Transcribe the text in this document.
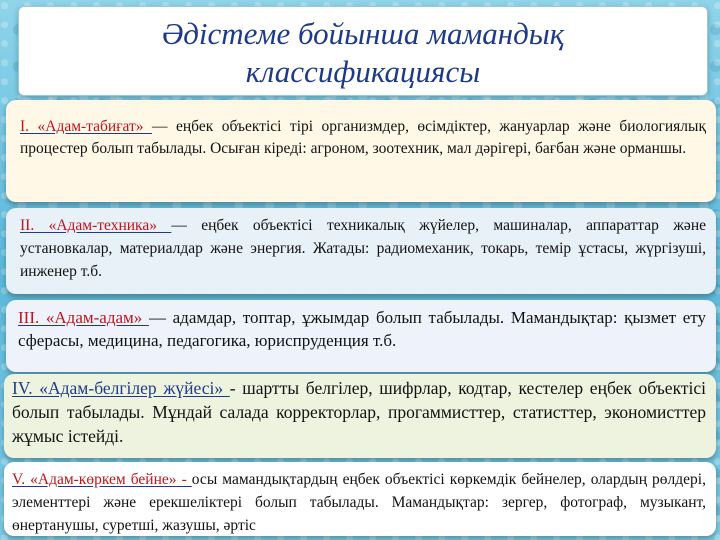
Әдістеме бойынша мамандық
классификациясы
I. «Адам-табиғат» — еңбек объектісі тірі организмдер, өсімдіктер, жануарлар және биологиялық процестер болып табылады. Осыған кіреді: агроном, зоотехник, мал дәрігері, бағбан және орманшы.
II. «Адам-техника» — еңбек объектісі техникалық жүйелер, машиналар, аппараттар және установкалар, материалдар және энергия. Жатады: радиомеханик, токарь, темір ұстасы, жүргізуші, инженер т.б.
III. «Адам-адам» — адамдар, топтар, ұжымдар болып табылады. Мамандықтар: қызмет ету сферасы, медицина, педагогика, юриспруденция т.б.
IV. «Адам-белгілер жүйесі» - шартты белгілер, шифрлар, кодтар, кестелер еңбек объектісі болып табылады. Мұндай салада корректорлар, прогаммисттер, статисттер, экономисттер жұмыс істейді.
V. «Адам-көркем бейне» - осы мамандықтардың еңбек объектісі көркемдік бейнелер, олардың рөлдері, элементтері және ерекшеліктері болып табылады. Мамандықтар: зергер, фотограф, музыкант, өнертанушы, суретші, жазушы, әртіс
